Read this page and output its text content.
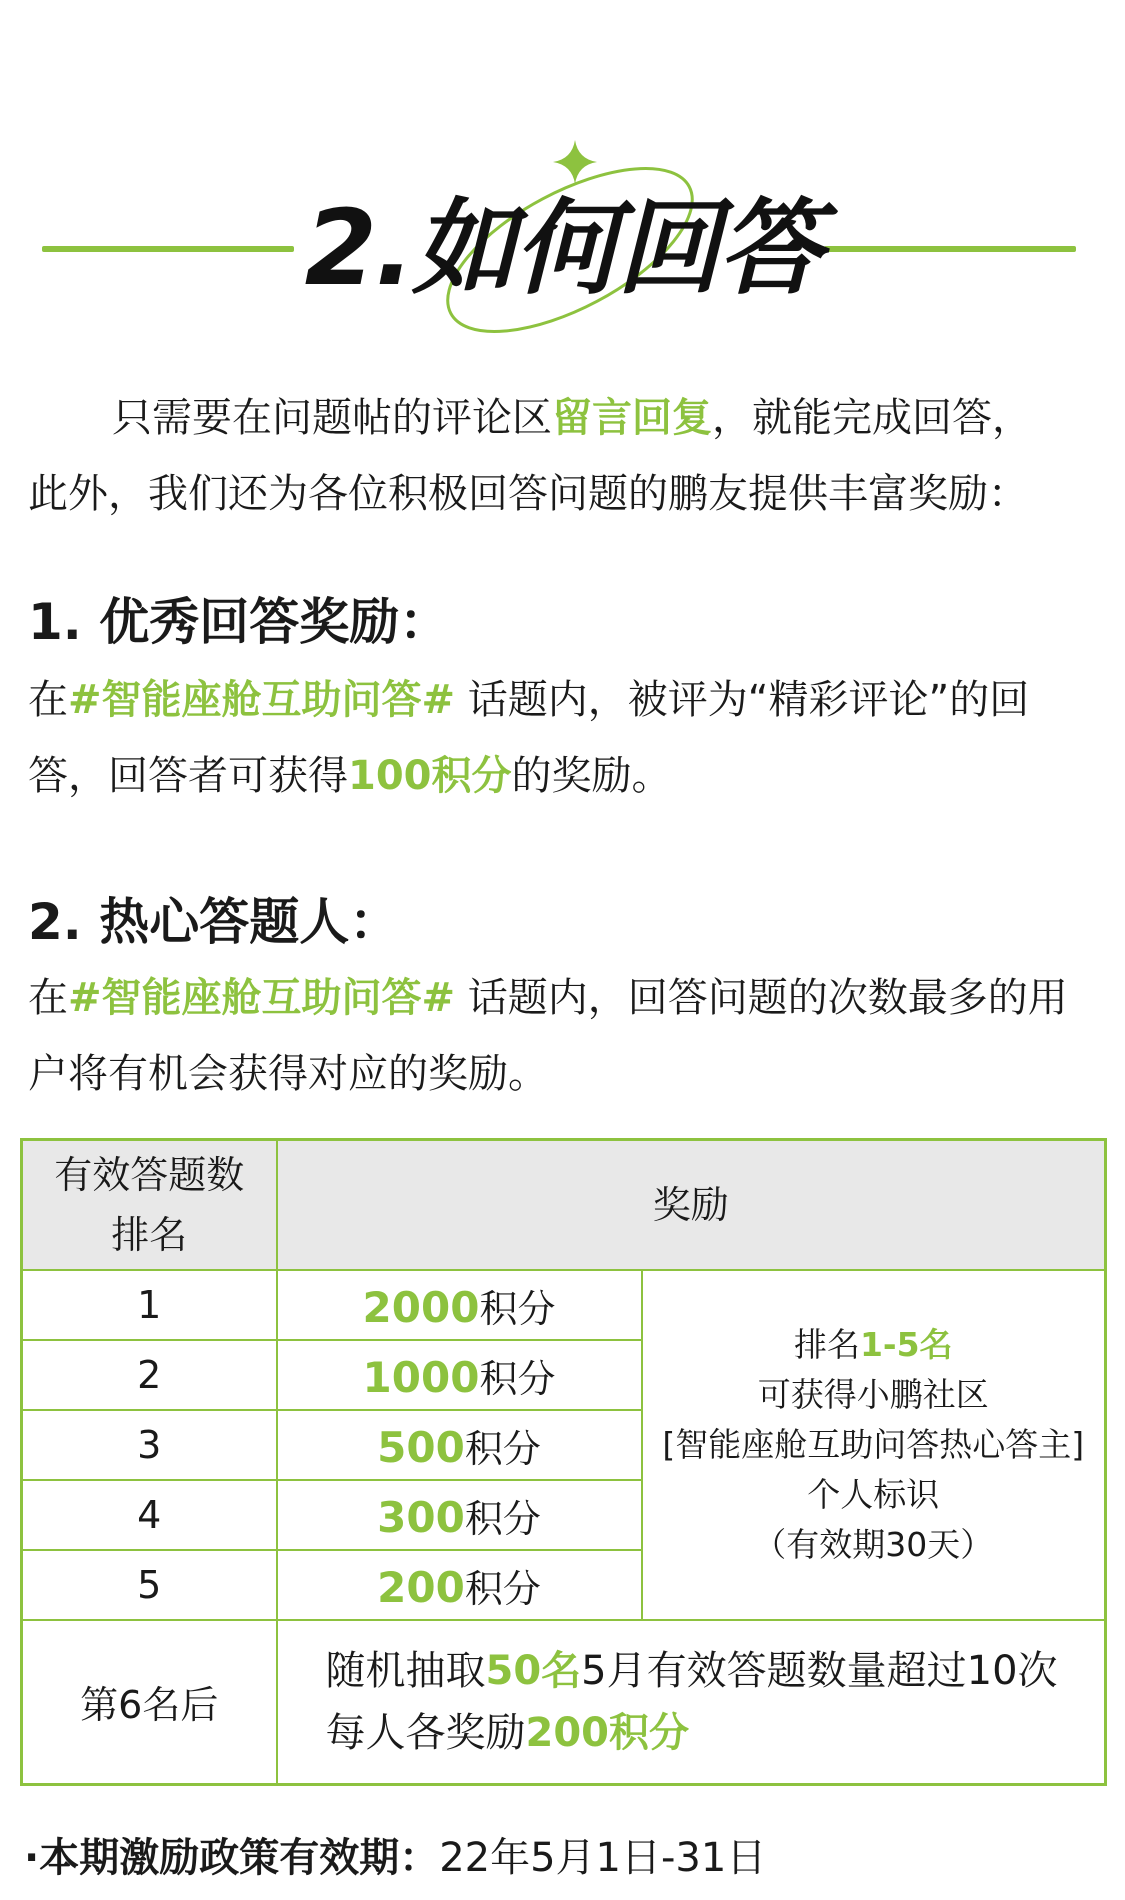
2.如何回答
只需要在问题帖的评论区留言回复，就能完成回答，
此外，我们还为各位积极回答问题的鹏友提供丰富奖励：
1. 优秀回答奖励：
在#智能座舱互助问答# 话题内，被评为“精彩评论”的回
答，回答者可获得100积分的奖励。
2. 热心答题人：
在#智能座舱互助问答# 话题内，回答问题的次数最多的用
户将有机会获得对应的奖励。
有效答题数
排名	奖励	
1	2000积分	排名1-5名
可获得小鹏社区
[智能座舱互助问答热心答主]
个人标识
（有效期30天）

2	1000积分	
3	500积分	
4	300积分	
5	200积分	
第6名后	随机抽取50名5月有效答题数量超过10次
每人各奖励200积分	
·本期激励政策有效期：22年5月1日-31日
